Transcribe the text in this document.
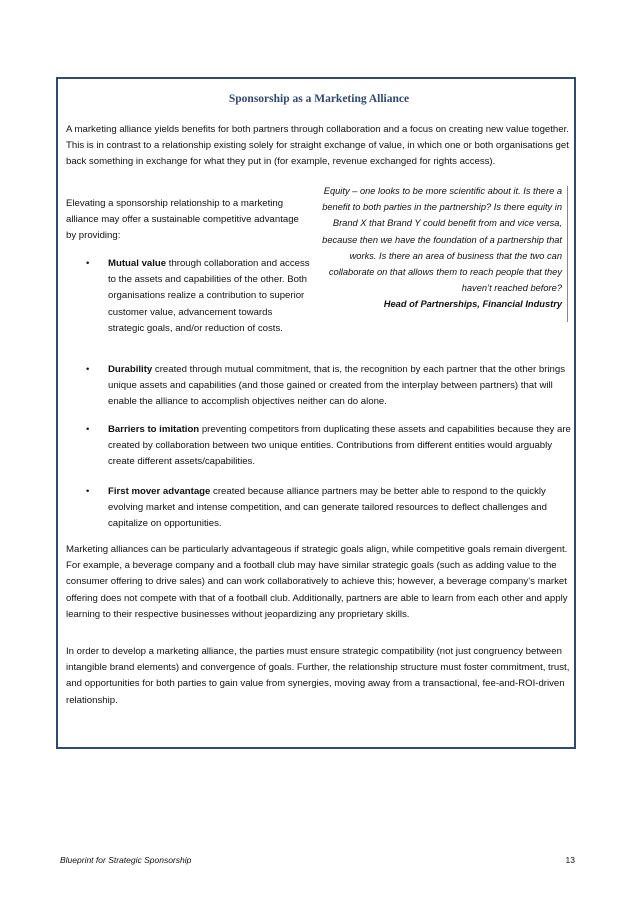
Sponsorship as a Marketing Alliance

A marketing alliance yields benefits for both partners through collaboration and a focus on creating new value together. This is in contrast to a relationship existing solely for straight exchange of value, in which one or both organisations get back something in exchange for what they put in (for example, revenue exchanged for rights access).

Elevating a sponsorship relationship to a marketing alliance may offer a sustainable competitive advantage by providing:

Equity – one looks to be more scientific about it. Is there a benefit to both parties in the partnership? Is there equity in Brand X that Brand Y could benefit from and vice versa, because then we have the foundation of a partnership that works. Is there an area of business that the two can collaborate on that allows them to reach people that they haven’t reached before?

Head of Partnerships, Financial Industry

•	Mutual value through collaboration and access to the assets and capabilities of the other. Both organisations realize a contribution to superior customer value, advancement towards strategic goals, and/or reduction of costs.
•	Durability created through mutual commitment, that is, the recognition by each partner that the other brings unique assets and capabilities (and those gained or created from the interplay between partners) that will enable the alliance to accomplish objectives neither can do alone.
•	Barriers to imitation preventing competitors from duplicating these assets and capabilities because they are created by collaboration between two unique entities. Contributions from different entities would arguably create different assets/capabilities.
•	First mover advantage created because alliance partners may be better able to respond to the quickly evolving market and intense competition, and can generate tailored resources to deflect challenges and capitalize on opportunities.

Marketing alliances can be particularly advantageous if strategic goals align, while competitive goals remain divergent. For example, a beverage company and a football club may have similar strategic goals (such as adding value to the consumer offering to drive sales) and can work collaboratively to achieve this; however, a beverage company’s market offering does not compete with that of a football club. Additionally, partners are able to learn from each other and apply learning to their respective businesses without jeopardizing any proprietary skills.

In order to develop a marketing alliance, the parties must ensure strategic compatibility (not just congruency between intangible brand elements) and convergence of goals. Further, the relationship structure must foster commitment, trust, and opportunities for both parties to gain value from synergies, moving away from a transactional, fee-and-ROI-driven relationship.

Blueprint for Strategic Sponsorship	13
